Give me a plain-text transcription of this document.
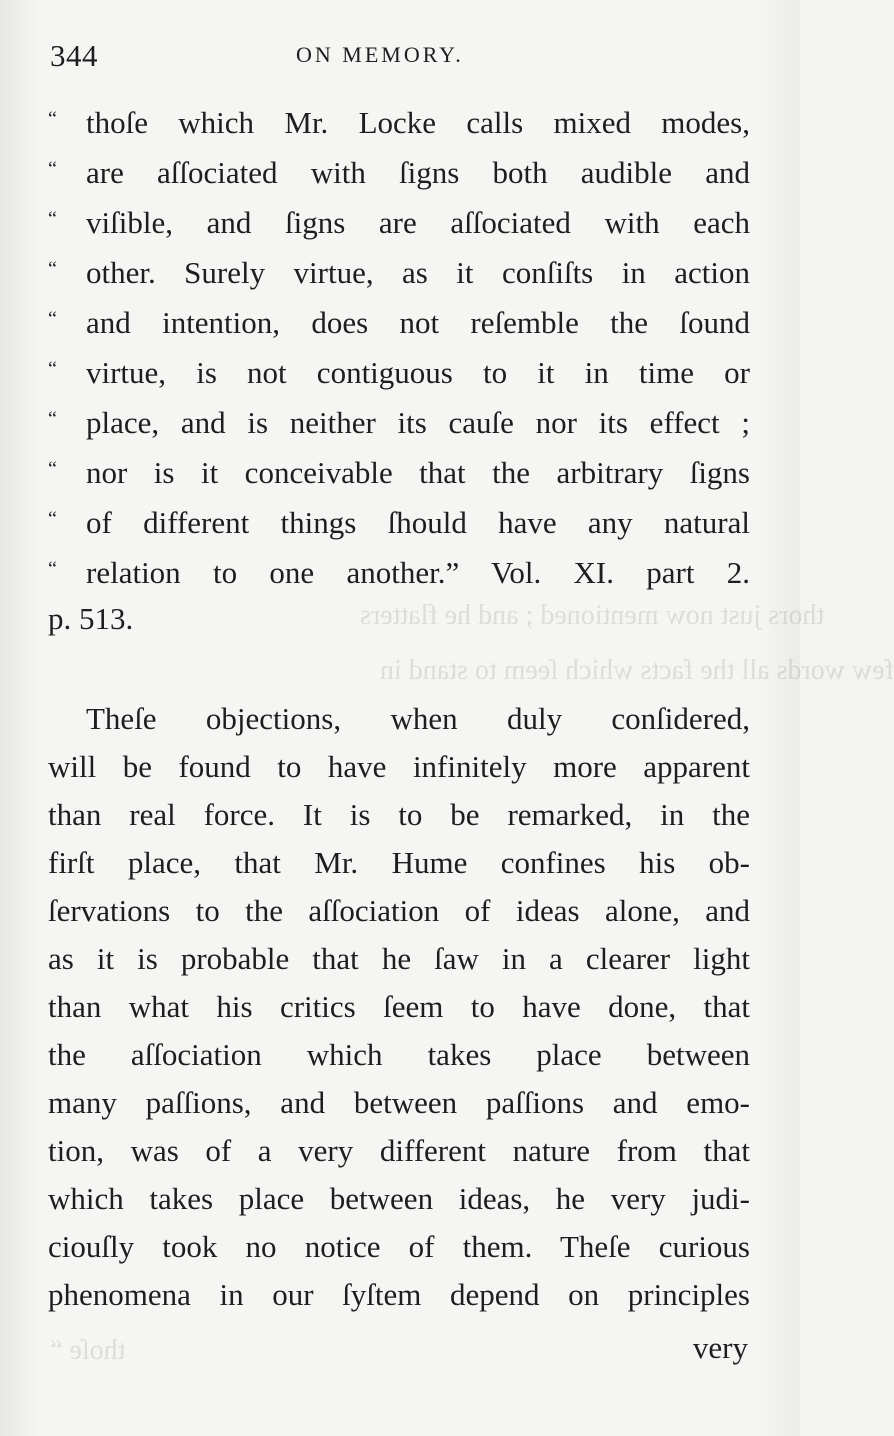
thors just now mentioned ; and he flatters
few words all the facts which ſeem to stand in
thoſe “
344	ON MEMORY.
“ thoſe which Mr. Locke calls mixed modes,
“ are aſſociated with ſigns both audible and
“ viſible, and ſigns are aſſociated with each
“ other. Surely virtue, as it conſiſts in action
“ and intention, does not reſemble the ſound
“ virtue, is not contiguous to it in time or
“ place, and is neither its cauſe nor its effect ;
“ nor is it conceivable that the arbitrary ſigns
“ of different things ſhould have any natural
“ relation to one another.” Vol. XI. part 2.
p. 513.
Theſe objections, when duly conſidered,
will be found to have infinitely more apparent
than real force. It is to be remarked, in the
firſt place, that Mr. Hume confines his ob-
ſervations to the aſſociation of ideas alone, and
as it is probable that he ſaw in a clearer light
than what his critics ſeem to have done, that
the aſſociation which takes place between
many paſſions, and between paſſions and emo-
tion, was of a very different nature from that
which takes place between ideas, he very judi-
ciouſly took no notice of them. Theſe curious
phenomena in our ſyſtem depend on principles
very
